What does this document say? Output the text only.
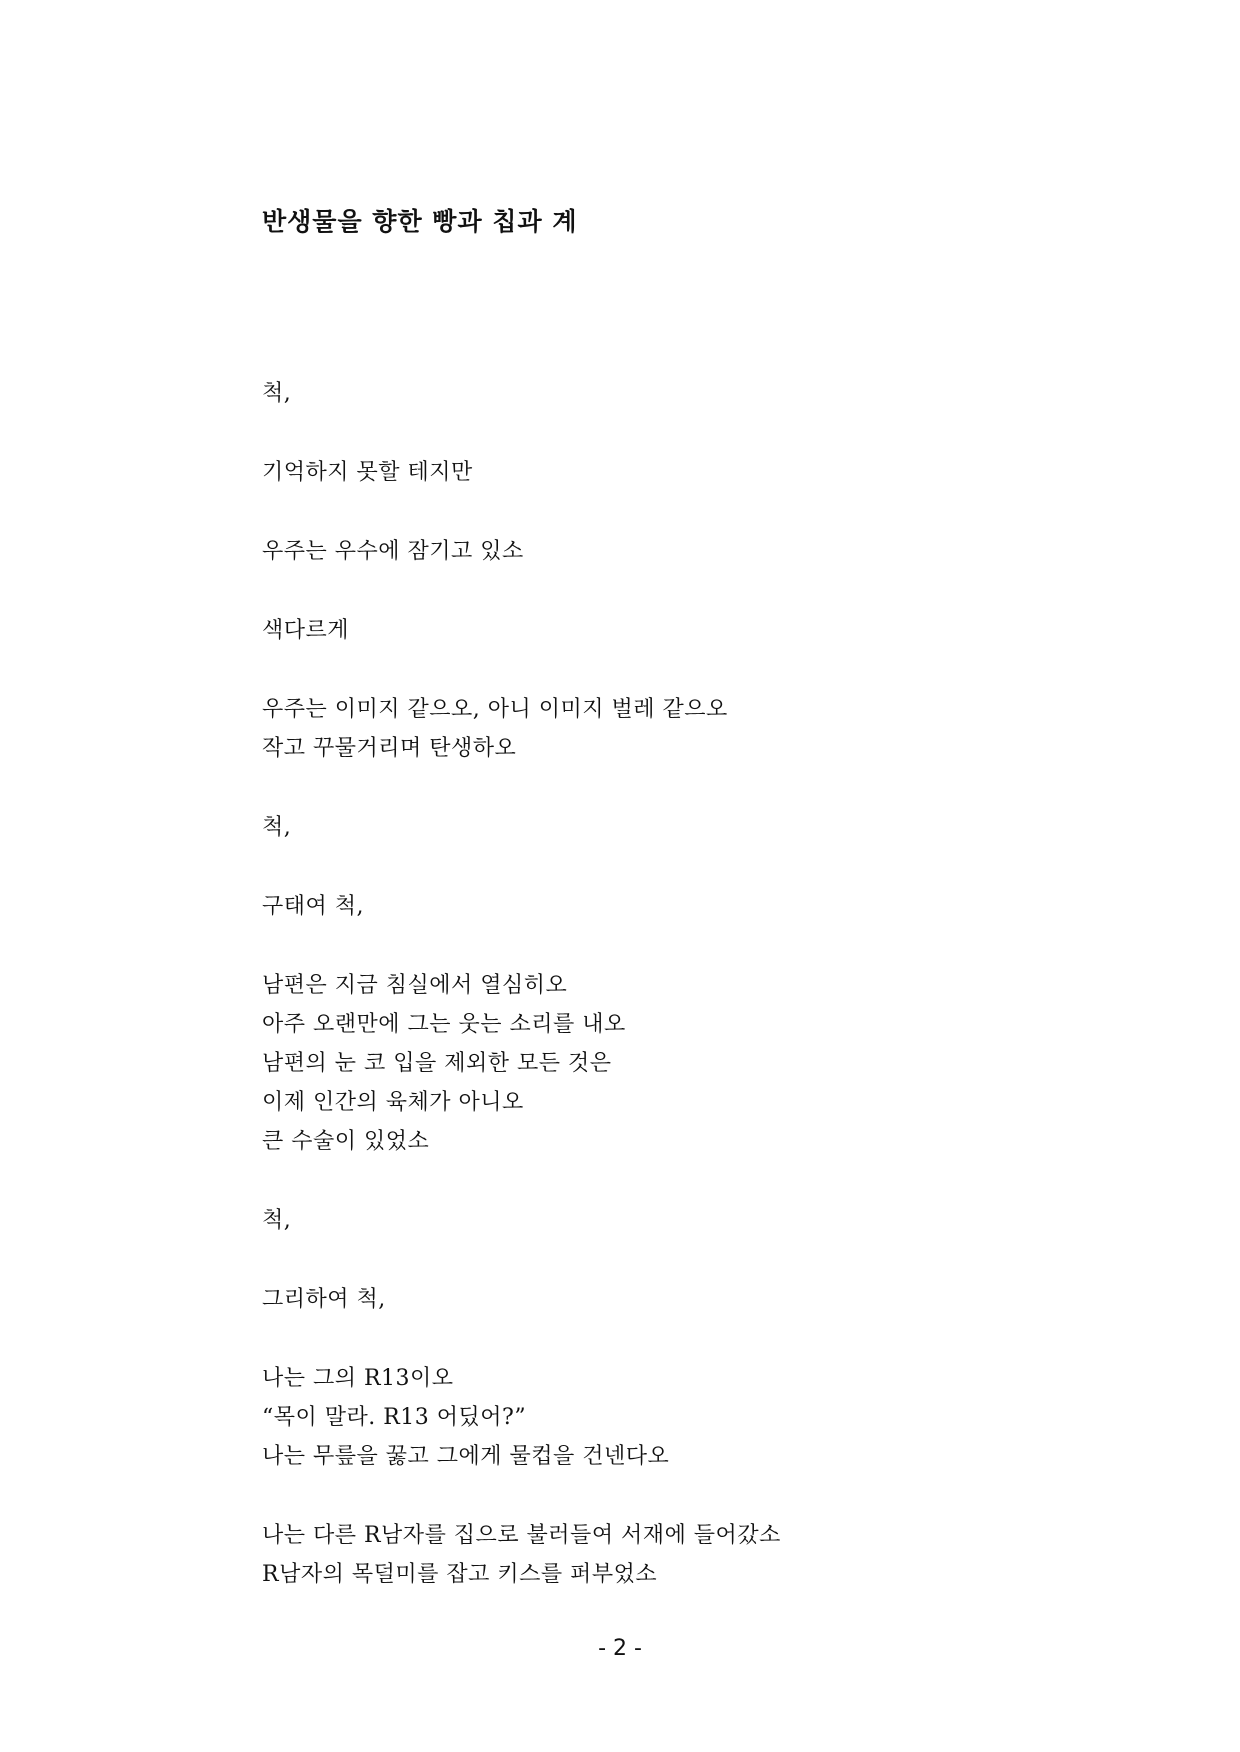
반생물을 향한 빵과 칩과 계
척,
기억하지 못할 테지만
우주는 우수에 잠기고 있소
색다르게
우주는 이미지 같으오, 아니 이미지 벌레 같으오
작고 꾸물거리며 탄생하오
척,
구태여 척,
남편은 지금 침실에서 열심히오
아주 오랜만에 그는 웃는 소리를 내오
남편의 눈 코 입을 제외한 모든 것은
이제 인간의 육체가 아니오
큰 수술이 있었소
척,
그리하여 척,
나는 그의 R13이오
“목이 말라. R13 어딨어?”
나는 무릎을 꿇고 그에게 물컵을 건넨다오
나는 다른 R남자를 집으로 불러들여 서재에 들어갔소
R남자의 목덜미를 잡고 키스를 퍼부었소
- 2 -
